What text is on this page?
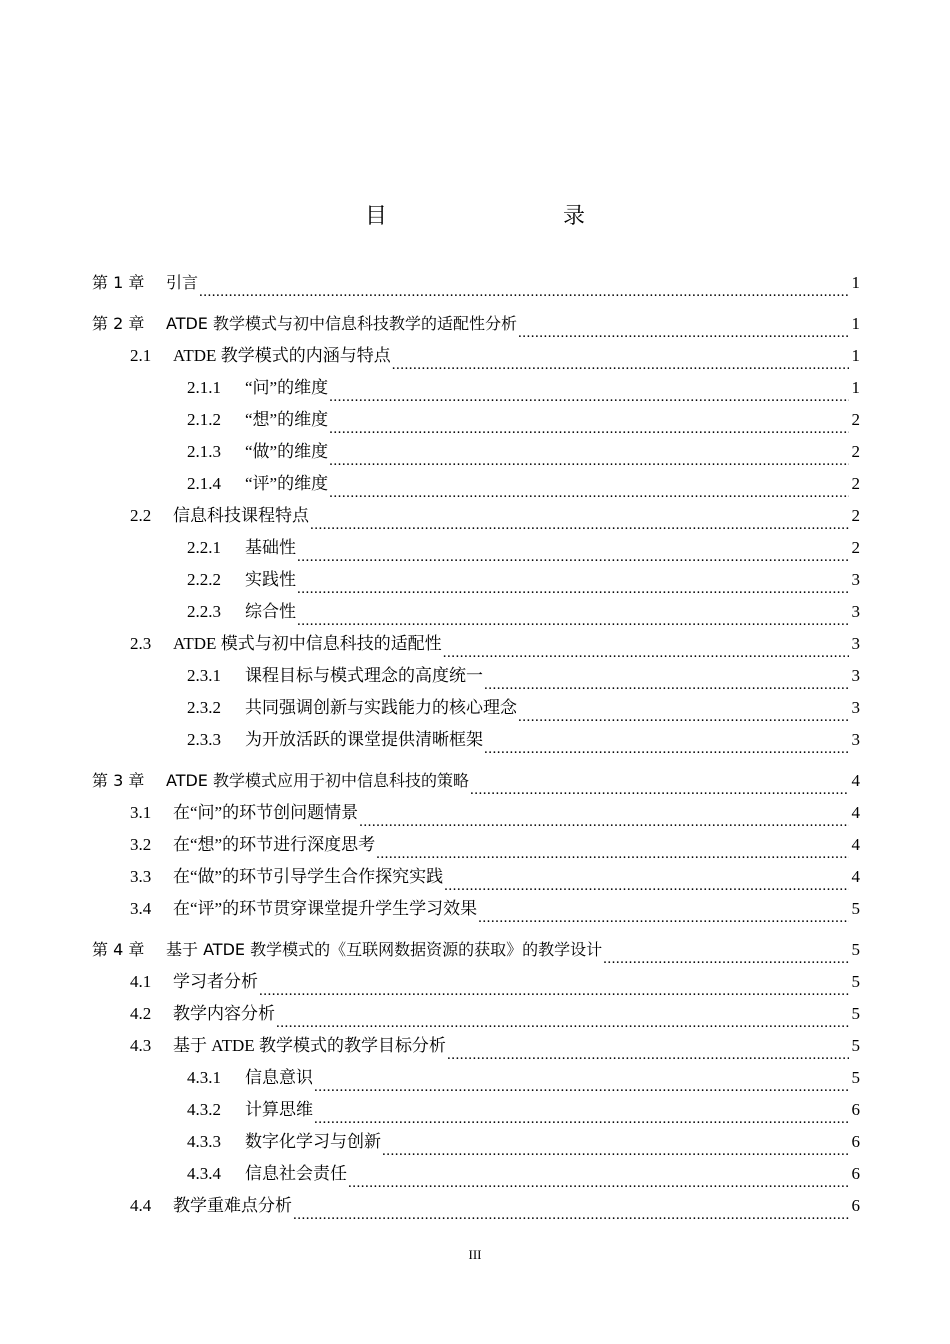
目　　录
第 1 章	引言 .....	1
第 2 章	ATDE 教学模式与初中信息科技教学的适配性分析 .....	1
2.1	ATDE 教学模式的内涵与特点 .....	1
2.1.1	“问”的维度 .....	1
2.1.2	“想”的维度 .....	2
2.1.3	“做”的维度 .....	2
2.1.4	“评”的维度 .....	2
2.2	信息科技课程特点 .....	2
2.2.1	基础性 .....	2
2.2.2	实践性 .....	3
2.2.3	综合性 .....	3
2.3	ATDE 模式与初中信息科技的适配性 .....	3
2.3.1	课程目标与模式理念的高度统一 .....	3
2.3.2	共同强调创新与实践能力的核心理念 .....	3
2.3.3	为开放活跃的课堂提供清晰框架 .....	3
第 3 章	ATDE 教学模式应用于初中信息科技的策略 .....	4
3.1	在“问”的环节创问题情景 .....	4
3.2	在“想”的环节进行深度思考 .....	4
3.3	在“做”的环节引导学生合作探究实践 .....	4
3.4	在“评”的环节贯穿课堂提升学生学习效果 .....	5
第 4 章	基于 ATDE 教学模式的《互联网数据资源的获取》的教学设计 .....	5
4.1	学习者分析 .....	5
4.2	教学内容分析 .....	5
4.3	基于 ATDE 教学模式的教学目标分析 .....	5
4.3.1	信息意识 .....	5
4.3.2	计算思维 .....	6
4.3.3	数字化学习与创新 .....	6
4.3.4	信息社会责任 .....	6
4.4	教学重难点分析 .....	6
III
